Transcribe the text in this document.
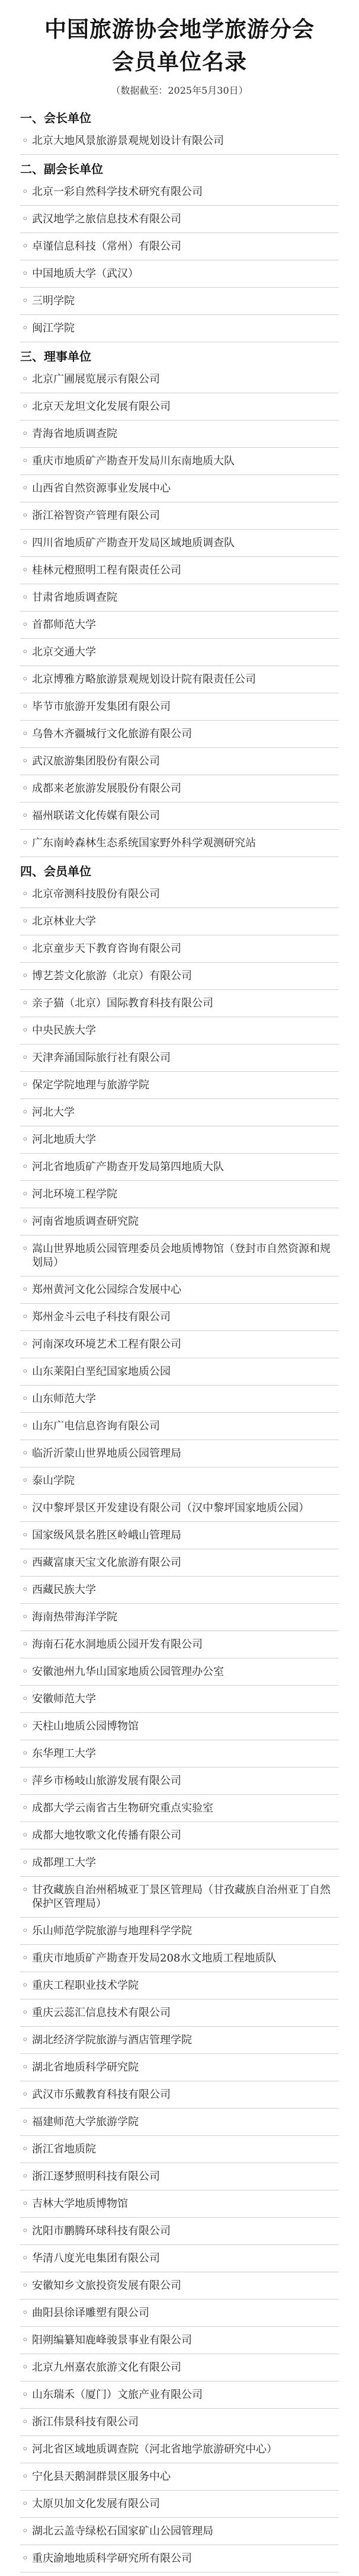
中国旅游协会地学旅游分会
会员单位名录
（数据截至：2025年5月30日）
一、会长单位
◦ 北京大地风景旅游景观规划设计有限公司
二、副会长单位
◦ 北京一彩自然科学技术研究有限公司
◦ 武汉地学之旅信息技术有限公司
◦ 卓谨信息科技（常州）有限公司
◦ 中国地质大学（武汉）
◦ 三明学院
◦ 闽江学院
三、理事单位
◦ 北京广圃展览展示有限公司
◦ 北京天龙坦文化发展有限公司
◦ 青海省地质调查院
◦ 重庆市地质矿产勘查开发局川东南地质大队
◦ 山西省自然资源事业发展中心
◦ 浙江裕智资产管理有限公司
◦ 四川省地质矿产勘查开发局区域地质调查队
◦ 桂林元橙照明工程有限责任公司
◦ 甘肃省地质调查院
◦ 首都师范大学
◦ 北京交通大学
◦ 北京博雅方略旅游景观规划设计院有限责任公司
◦ 毕节市旅游开发集团有限公司
◦ 乌鲁木齐疆城行文化旅游有限公司
◦ 武汉旅游集团股份有限公司
◦ 成都来老旅游发展股份有限公司
◦ 福州联诺文化传媒有限公司
◦ 广东南岭森林生态系统国家野外科学观测研究站
四、会员单位
◦ 北京帝测科技股份有限公司
◦ 北京林业大学
◦ 北京童步天下教育咨询有限公司
◦ 博艺荟文化旅游（北京）有限公司
◦ 亲子猫（北京）国际教育科技有限公司
◦ 中央民族大学
◦ 天津奔涌国际旅行社有限公司
◦ 保定学院地理与旅游学院
◦ 河北大学
◦ 河北地质大学
◦ 河北省地质矿产勘查开发局第四地质大队
◦ 河北环境工程学院
◦ 河南省地质调查研究院
◦ 嵩山世界地质公园管理委员会地质博物馆（登封市自然资源和规划局）
◦ 郑州黄河文化公园综合发展中心
◦ 郑州金斗云电子科技有限公司
◦ 河南深攻环境艺术工程有限公司
◦ 山东莱阳白垩纪国家地质公园
◦ 山东师范大学
◦ 山东广电信息咨询有限公司
◦ 临沂沂蒙山世界地质公园管理局
◦ 泰山学院
◦ 汉中黎坪景区开发建设有限公司（汉中黎坪国家地质公园）
◦ 国家级风景名胜区岭峨山管理局
◦ 西藏富康天宝文化旅游有限公司
◦ 西藏民族大学
◦ 海南热带海洋学院
◦ 海南石花水洞地质公园开发有限公司
◦ 安徽池州九华山国家地质公园管理办公室
◦ 安徽师范大学
◦ 天柱山地质公园博物馆
◦ 东华理工大学
◦ 萍乡市杨岐山旅游发展有限公司
◦ 成都大学云南省古生物研究重点实验室
◦ 成都大地牧歌文化传播有限公司
◦ 成都理工大学
◦ 甘孜藏族自治州稻城亚丁景区管理局（甘孜藏族自治州亚丁自然保护区管理局）
◦ 乐山师范学院旅游与地理科学学院
◦ 重庆市地质矿产勘查开发局208水文地质工程地质队
◦ 重庆工程职业技术学院
◦ 重庆云蕊汇信息技术有限公司
◦ 湖北经济学院旅游与酒店管理学院
◦ 湖北省地质科学研究院
◦ 武汉市乐戴教育科技有限公司
◦ 福建师范大学旅游学院
◦ 浙江省地质院
◦ 浙江逐梦照明科技有限公司
◦ 吉林大学地质博物馆
◦ 沈阳市鹏腾环球科技有限公司
◦ 华清八度光电集团有限公司
◦ 安徽知乡文旅投资发展有限公司
◦ 曲阳县徐译雕塑有限公司
◦ 阳朔编纂知鹿峰骏景事业有限公司
◦ 北京九州嘉农旅游文化有限公司
◦ 山东瑞禾（厦门）文旅产业有限公司
◦ 浙江伟景科技有限公司
◦ 河北省区域地质调查院（河北省地学旅游研究中心）
◦ 宁化县天鹅洞群景区服务中心
◦ 太原贝加文化发展有限公司
◦ 湖北云盖寺绿松石国家矿山公园管理局
◦ 重庆渝地地质科学研究所有限公司
